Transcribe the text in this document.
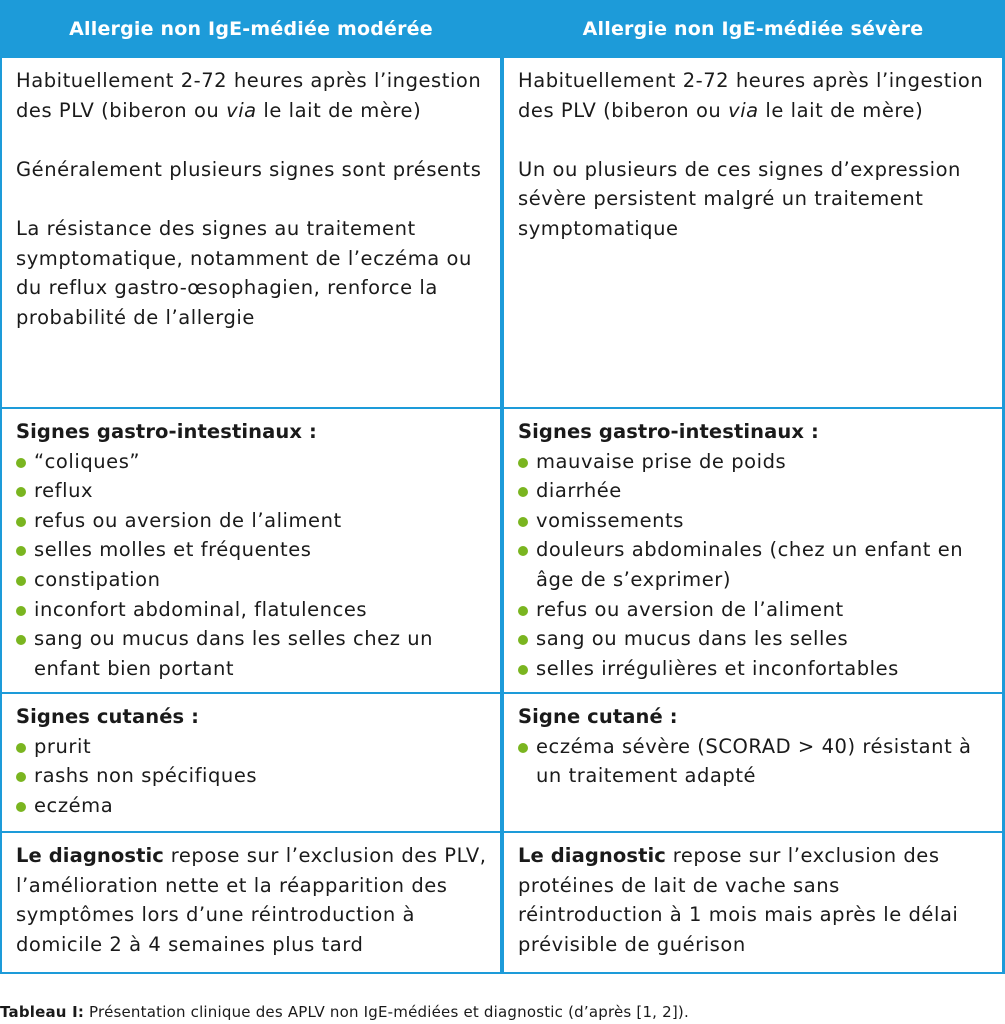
Allergie non IgE-médiée modérée	Allergie non IgE-médiée sévère

Habituellement 2-72 heures après l’ingestion des PLV (biberon ou via le lait de mère)

Généralement plusieurs signes sont présents

La résistance des signes au traitement symptomatique, notamment de l’eczéma ou du reflux gastro-œsophagien, renforce la probabilité de l’allergie

Habituellement 2-72 heures après l’ingestion des PLV (biberon ou via le lait de mère)

Un ou plusieurs de ces signes d’expression sévère persistent malgré un traitement symptomatique

Signes gastro-intestinaux :
“coliques”
reflux
refus ou aversion de l’aliment
selles molles et fréquentes
constipation
inconfort abdominal, flatulences
sang ou mucus dans les selles chez un enfant bien portant
Signes gastro-intestinaux :
mauvaise prise de poids
diarrhée
vomissements
douleurs abdominales (chez un enfant en âge de s’exprimer)
refus ou aversion de l’aliment
sang ou mucus dans les selles
selles irrégulières et inconfortables
Signes cutanés :
prurit
rashs non spécifiques
eczéma
Signe cutané :
eczéma sévère (SCORAD > 40) résistant à un traitement adapté

Le diagnostic repose sur l’exclusion des PLV, l’amélioration nette et la réapparition des symptômes lors d’une réintroduction à domicile 2 à 4 semaines plus tard

Le diagnostic repose sur l’exclusion des protéines de lait de vache sans réintroduction à 1 mois mais après le délai prévisible de guérison

Tableau I: Présentation clinique des APLV non IgE-médiées et diagnostic (d’après [1, 2]).
